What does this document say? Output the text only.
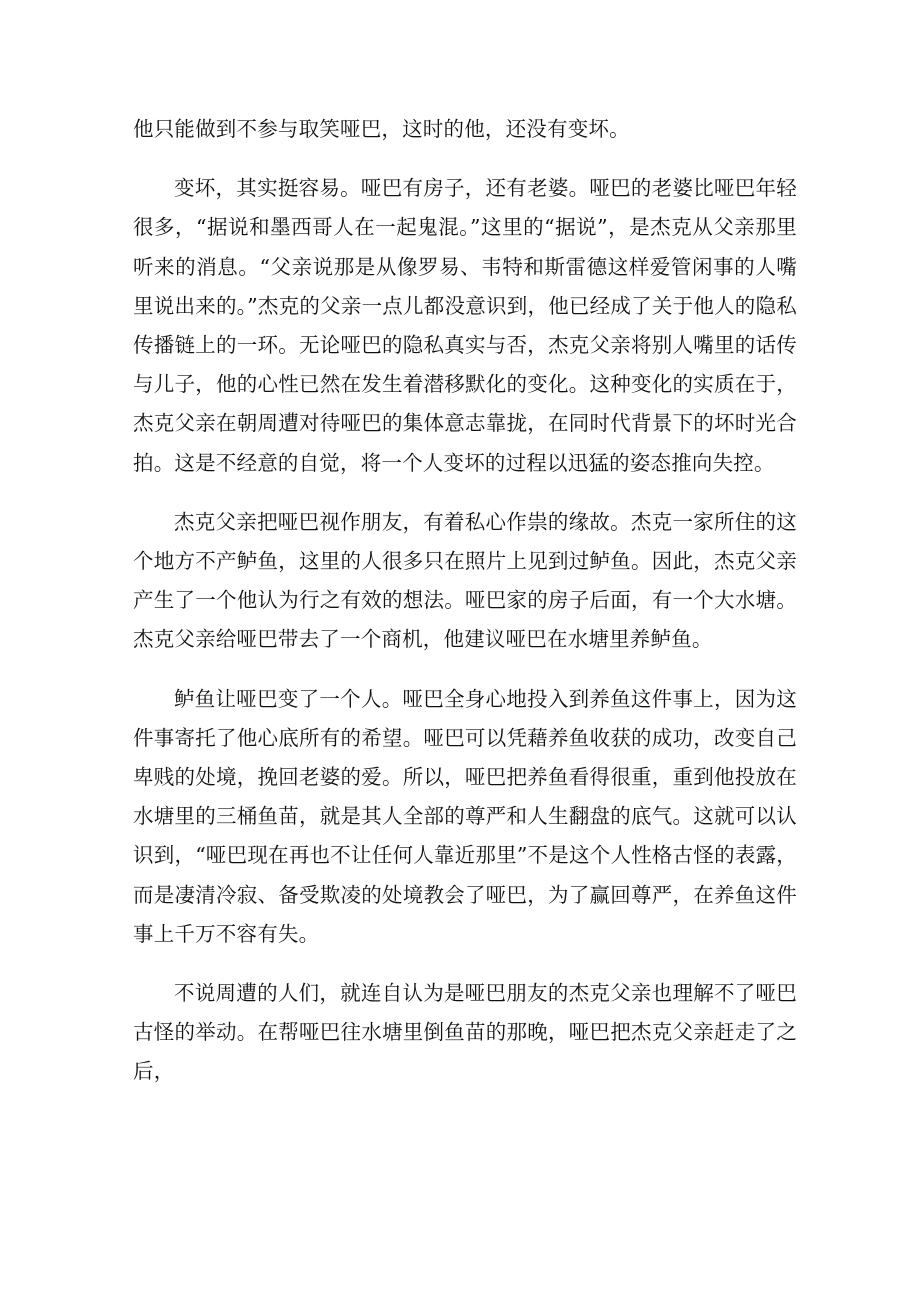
他只能做到不参与取笑哑巴，这时的他，还没有变坏。

变坏，其实挺容易。哑巴有房子，还有老婆。哑巴的老婆比哑巴年轻很多，“据说和墨西哥人在一起鬼混。”这里的“据说”，是杰克从父亲那里听来的消息。“父亲说那是从像罗易、韦特和斯雷德这样爱管闲事的人嘴里说出来的。”杰克的父亲一点儿都没意识到，他已经成了关于他人的隐私传播链上的一环。无论哑巴的隐私真实与否，杰克父亲将别人嘴里的话传与儿子，他的心性已然在发生着潜移默化的变化。这种变化的实质在于，杰克父亲在朝周遭对待哑巴的集体意志靠拢，在同时代背景下的坏时光合拍。这是不经意的自觉，将一个人变坏的过程以迅猛的姿态推向失控。

杰克父亲把哑巴视作朋友，有着私心作祟的缘故。杰克一家所住的这个地方不产鲈鱼，这里的人很多只在照片上见到过鲈鱼。因此，杰克父亲产生了一个他认为行之有效的想法。哑巴家的房子后面，有一个大水塘。杰克父亲给哑巴带去了一个商机，他建议哑巴在水塘里养鲈鱼。

鲈鱼让哑巴变了一个人。哑巴全身心地投入到养鱼这件事上，因为这件事寄托了他心底所有的希望。哑巴可以凭藉养鱼收获的成功，改变自己卑贱的处境，挽回老婆的爱。所以，哑巴把养鱼看得很重，重到他投放在水塘里的三桶鱼苗，就是其人全部的尊严和人生翻盘的底气。这就可以认识到，“哑巴现在再也不让任何人靠近那里”不是这个人性格古怪的表露，而是凄清冷寂、备受欺凌的处境教会了哑巴，为了赢回尊严，在养鱼这件事上千万不容有失。

不说周遭的人们，就连自认为是哑巴朋友的杰克父亲也理解不了哑巴古怪的举动。在帮哑巴往水塘里倒鱼苗的那晚，哑巴把杰克父亲赶走了之后，
